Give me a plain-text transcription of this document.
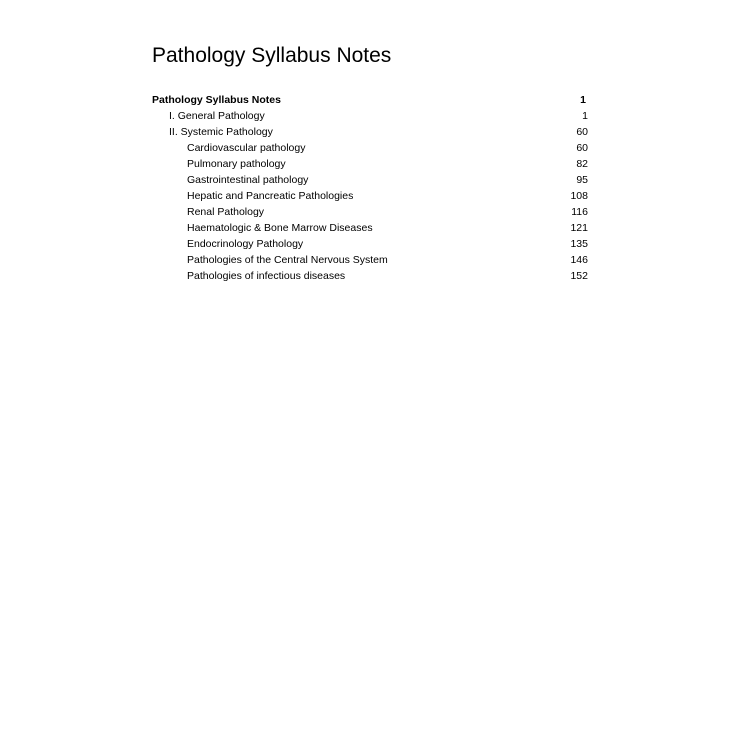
Pathology Syllabus Notes
Pathology Syllabus Notes	1
I. General Pathology	1
II. Systemic Pathology	60
Cardiovascular pathology	60
Pulmonary pathology	82
Gastrointestinal pathology	95
Hepatic and Pancreatic Pathologies	108
Renal Pathology	116
Haematologic & Bone Marrow Diseases	121
Endocrinology Pathology	135
Pathologies of the Central Nervous System	146
Pathologies of infectious diseases	152
